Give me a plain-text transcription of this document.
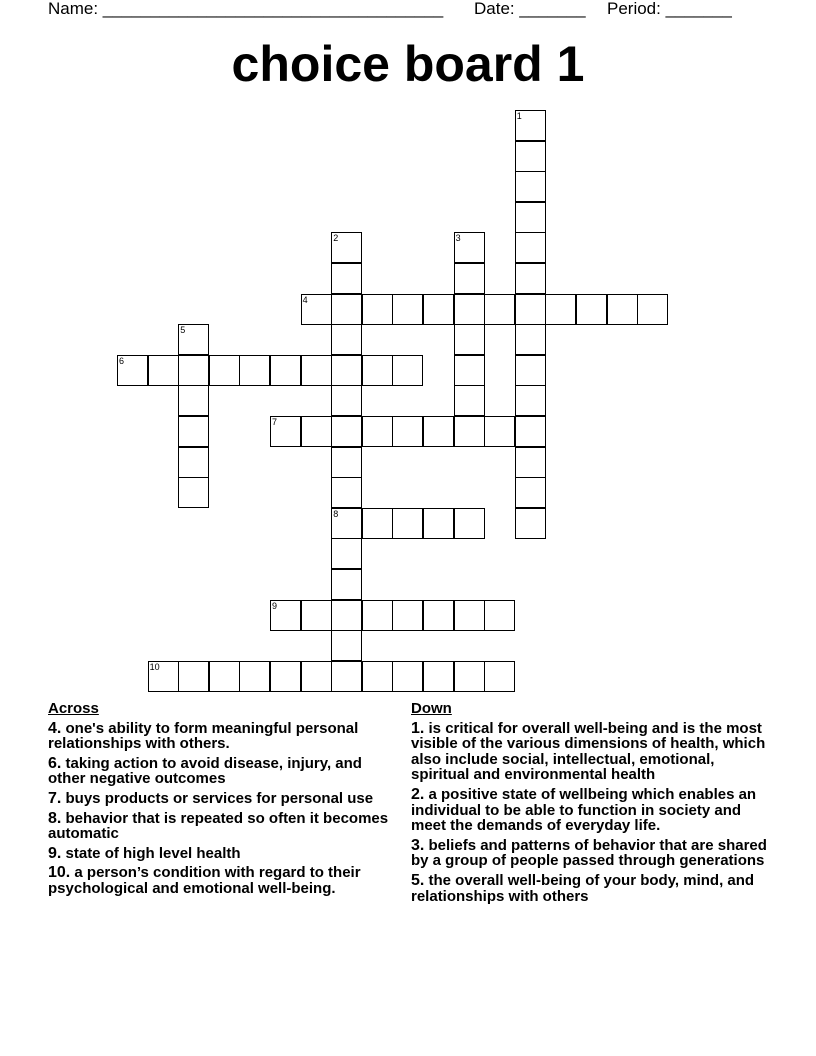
Name: ____________________________________ Date: _______ Period: _______
choice board 1
1
2
8
3
4
5
6
7
9
10
Across
4. one's ability to form meaningful personal relationships with others.
6. taking action to avoid disease, injury, and other negative outcomes
7. buys products or services for personal use
8. behavior that is repeated so often it becomes automatic
9. state of high level health
10. a person’s condition with regard to their psychological and emotional well-being.
Down
1. is critical for overall well-being and is the most visible of the various dimensions of health, which also include social, intellectual, emotional, spiritual and environmental health
2. a positive state of wellbeing which enables an individual to be able to function in society and meet the demands of everyday life.
3. beliefs and patterns of behavior that are shared by a group of people passed through generations
5. the overall well-being of your body, mind, and relationships with others
